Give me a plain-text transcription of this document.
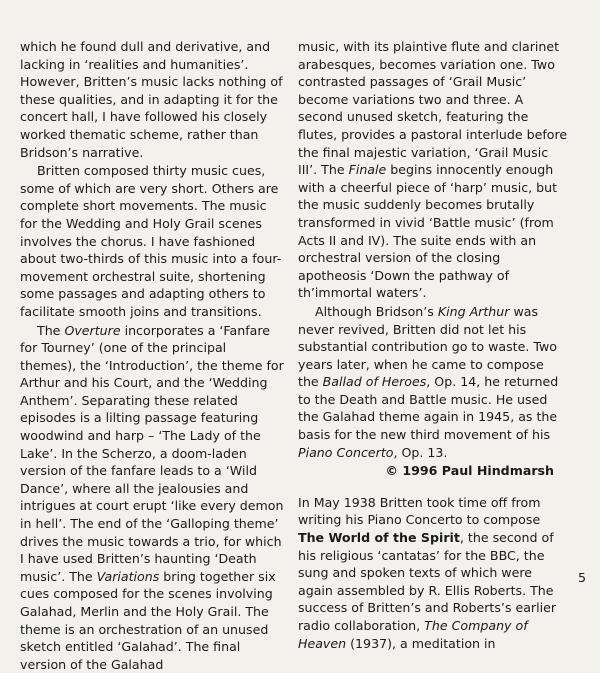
which he found dull and derivative, and lacking in ‘realities and humanities’. However, Britten’s music lacks nothing of these qualities, and in adapting it for the concert hall, I have followed his closely worked thematic scheme, rather than Bridson’s narrative.

Britten composed thirty music cues, some of which are very short. Others are complete short movements. The music for the Wedding and Holy Grail scenes involves the chorus. I have fashioned about two-thirds of this music into a four-movement orchestral suite, shortening some passages and adapting others to facilitate smooth joins and transitions.

The Overture incorporates a ‘Fanfare for Tourney’ (one of the principal themes), the ‘Introduction’, the theme for Arthur and his Court, and the ‘Wedding Anthem’. Separating these related episodes is a lilting passage featuring woodwind and harp – ‘The Lady of the Lake’. In the Scherzo, a doom-laden version of the fanfare leads to a ‘Wild Dance’, where all the jealousies and intrigues at court erupt ‘like every demon in hell’. The end of the ‘Galloping theme’ drives the music towards a trio, for which I have used Britten’s haunting ‘Death music’. The Variations bring together six cues composed for the scenes involving Galahad, Merlin and the Holy Grail. The theme is an orchestration of an unused sketch entitled ‘Galahad’. The final version of the Galahad

music, with its plaintive flute and clarinet arabesques, becomes variation one. Two contrasted passages of ‘Grail Music’ become variations two and three. A second unused sketch, featuring the flutes, provides a pastoral interlude before the final majestic variation, ‘Grail Music III’. The Finale begins innocently enough with a cheerful piece of ‘harp’ music, but the music suddenly becomes brutally transformed in vivid ‘Battle music’ (from Acts II and IV). The suite ends with an orchestral version of the closing apotheosis ‘Down the pathway of th’immortal waters’.

Although Bridson’s King Arthur was never revived, Britten did not let his substantial contribution go to waste. Two years later, when he came to compose the Ballad of Heroes, Op. 14, he returned to the Death and Battle music. He used the Galahad theme again in 1945, as the basis for the new third movement of his Piano Concerto, Op. 13.

© 1996 Paul Hindmarsh

In May 1938 Britten took time off from writing his Piano Concerto to compose The World of the Spirit, the second of his religious ‘cantatas’ for the BBC, the sung and spoken texts of which were again assembled by R. Ellis Roberts. The success of Britten’s and Roberts’s earlier radio collaboration, The Company of Heaven (1937), a meditation in

5
